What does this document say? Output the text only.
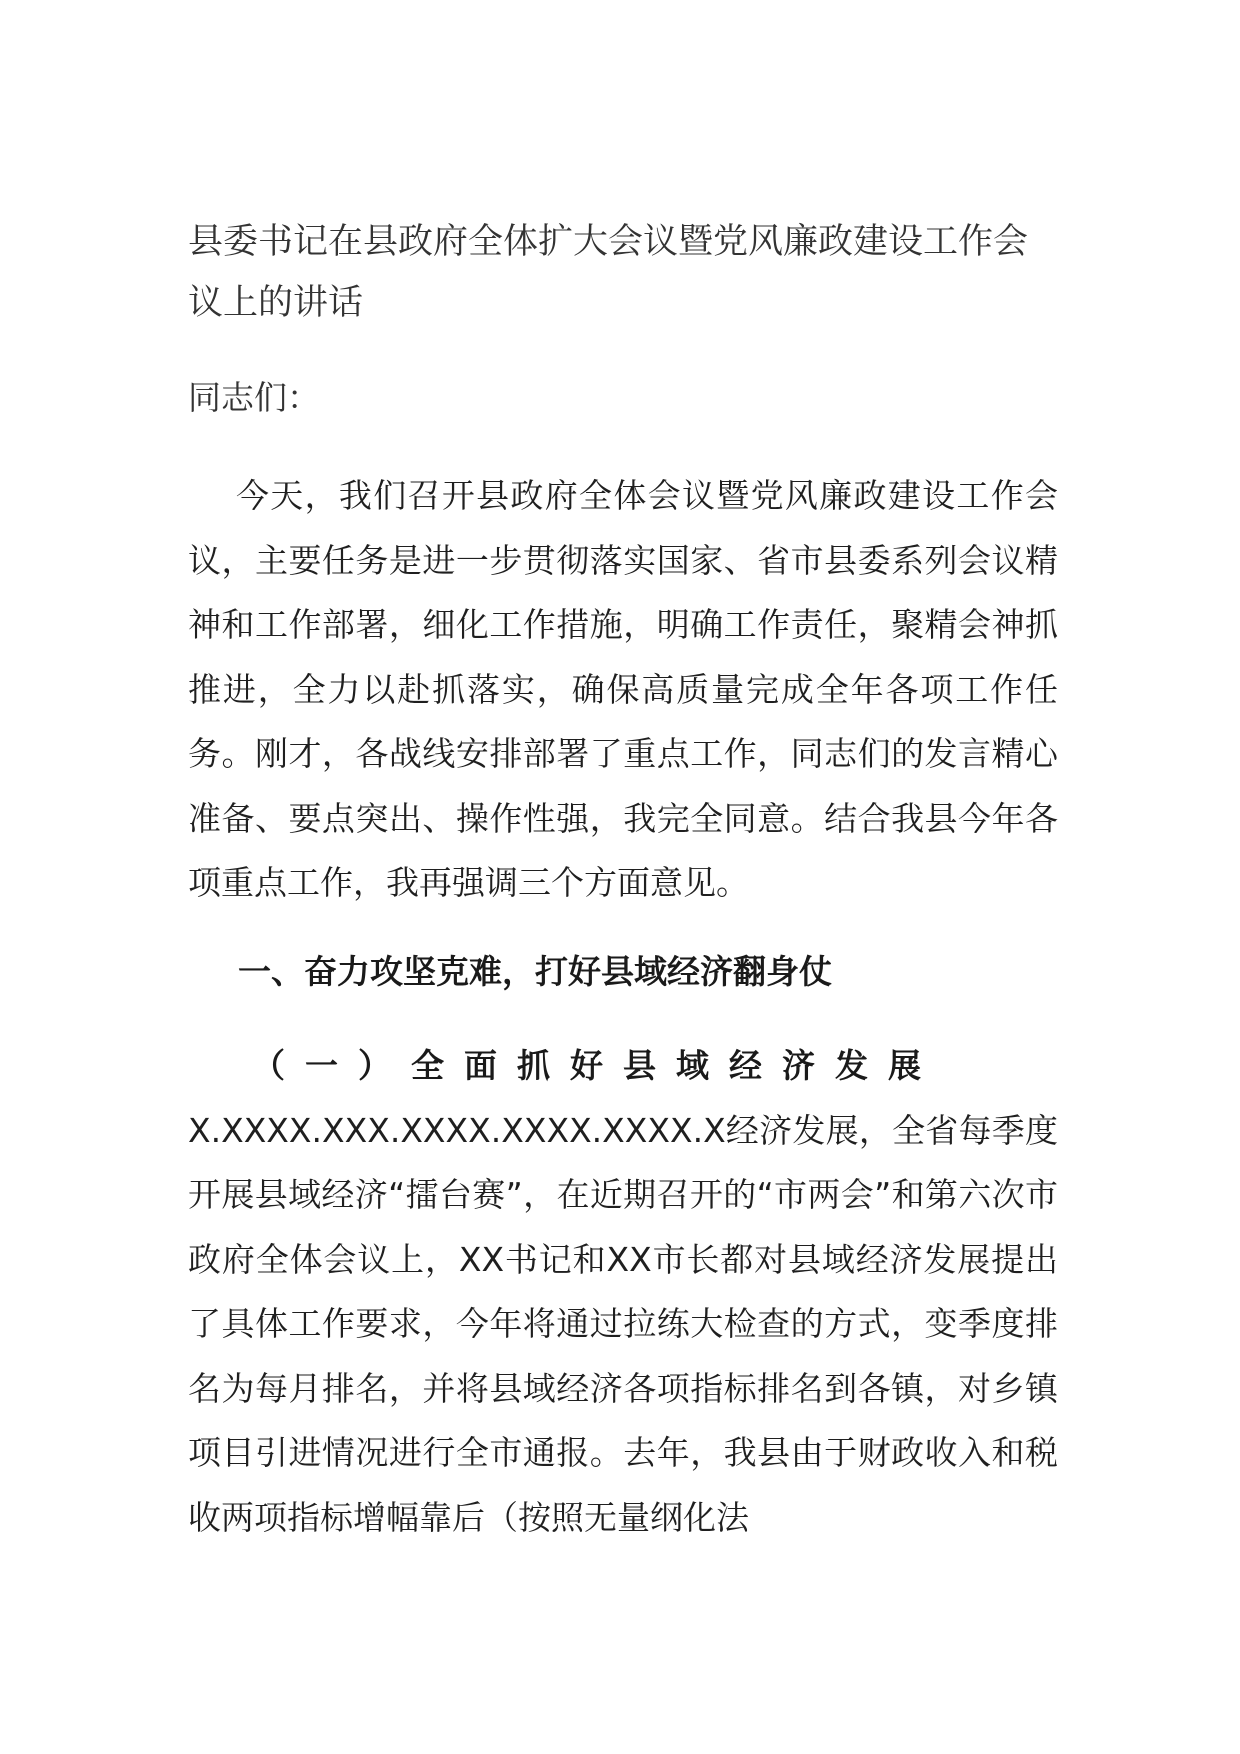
县委书记在县政府全体扩大会议暨党风廉政建设工作会议上的讲话

同志们：

今天，我们召开县政府全体会议暨党风廉政建设工作会议，主要任务是进一步贯彻落实国家、省市县委系列会议精神和工作部署，细化工作措施，明确工作责任，聚精会神抓推进，全力以赴抓落实，确保高质量完成全年各项工作任务。刚才，各战线安排部署了重点工作，同志们的发言精心准备、要点突出、操作性强，我完全同意。结合我县今年各项重点工作，我再强调三个方面意见。

一、奋力攻坚克难，打好县域经济翻身仗
（一）全面抓好县域经济发展
X.XXXX.XXX.XXXX.XXXX.XXXX.X经济发展，全省每季度开展县域经济“擂台赛”，在近期召开的“市两会”和第六次市政府全体会议上，XX书记和XX市长都对县域经济发展提出了具体工作要求，今年将通过拉练大检查的方式，变季度排名为每月排名，并将县域经济各项指标排名到各镇，对乡镇项目引进情况进行全市通报。去年，我县由于财政收入和税收两项指标增幅靠后（按照无量纲化法
